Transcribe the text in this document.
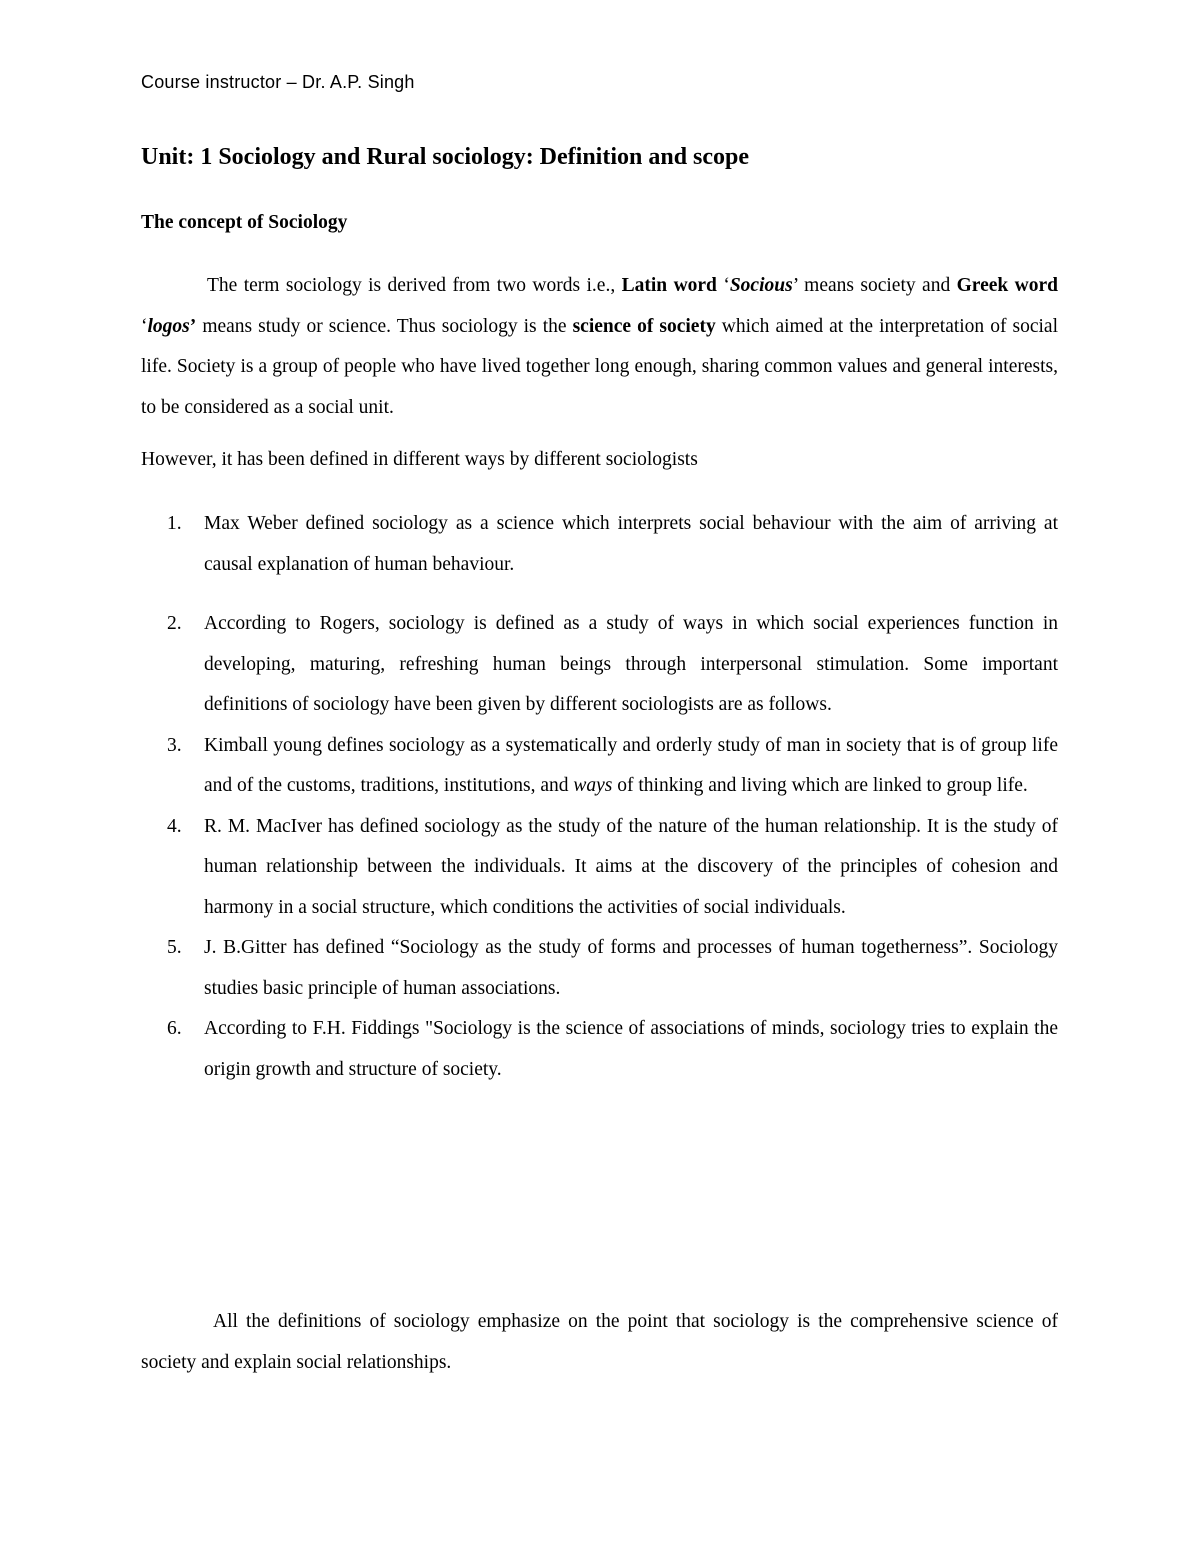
Course instructor – Dr. A.P. Singh
Unit: 1 Sociology and Rural sociology: Definition and scope
The concept of Sociology

The term sociology is derived from two words i.e., Latin word ‘Socious’ means society and Greek word ‘logos’ means study or science. Thus sociology is the science of society which aimed at the interpretation of social life. Society is a group of people who have lived together long enough, sharing common values and general interests, to be considered as a social unit.

However, it has been defined in different ways by different sociologists

1. Max Weber defined sociology as a science which interprets social behaviour with the aim of arriving at causal explanation of human behaviour.
2. According to Rogers, sociology is defined as a study of ways in which social experiences function in developing, maturing, refreshing human beings through interpersonal stimulation. Some important definitions of sociology have been given by different sociologists are as follows.
3. Kimball young defines sociology as a systematically and orderly study of man in society that is of group life and of the customs, traditions, institutions, and ways of thinking and living which are linked to group life.
4. R. M. MacIver has defined sociology as the study of the nature of the human relationship. It is the study of human relationship between the individuals. It aims at the discovery of the principles of cohesion and harmony in a social structure, which conditions the activities of social individuals.
5. J. B.Gitter has defined “Sociology as the study of forms and processes of human togetherness”. Sociology studies basic principle of human associations.
6. According to F.H. Fiddings "Sociology is the science of associations of minds, sociology tries to explain the origin growth and structure of society.

All the definitions of sociology emphasize on the point that sociology is the comprehensive science of society and explain social relationships.
